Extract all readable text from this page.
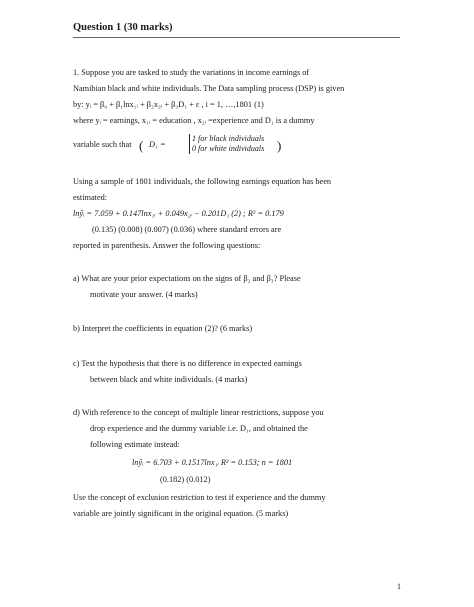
Question 1 (30 marks)
1. Suppose you are tasked to study the variations in income earnings of
Namibian black and white individuals. The Data sampling process (DSP) is given
by: yᵢ = β₀ + β₁lnx₁ᵢ + β₂x₂ᵢ + β₃D₁ + ε , i = 1, …,1801 (1)
where yᵢ = earnings, x₁ᵢ = education , x₂ᵢ =experience and D₁ is a dummy
variable such that ( D₁ =
1 for black individuals
0 for white individuals )
Using a sample of 1801 individuals, the following earnings equation has been
estimated:
lnŷᵢ = 7.059 + 0.147lnx₁ᵢ + 0.049x₂ᵢ − 0.201D₁ (2) ; R² = 0.179
(0.135) (0.008) (0.007) (0.036) where standard errors are
reported in parenthesis. Answer the following questions:
a) What are your prior expectations on the signs of β₂ and β₃? Please
motivate your answer. (4 marks)
b) Interpret the coefficients in equation (2)? (6 marks)
c) Test the hypothesis that there is no difference in expected earnings
between black and white individuals. (4 marks)
d) With reference to the concept of multiple linear restrictions, suppose you
drop experience and the dummy variable i.e. D₁, and obtained the
following estimate instead:
lnŷᵢ = 6.703 + 0.1517lnx₁ᵢ R² = 0.153; n = 1801
(0.182) (0.012)
Use the concept of exclusion restriction to test if experience and the dummy
variable are jointly significant in the original equation. (5 marks)
1
